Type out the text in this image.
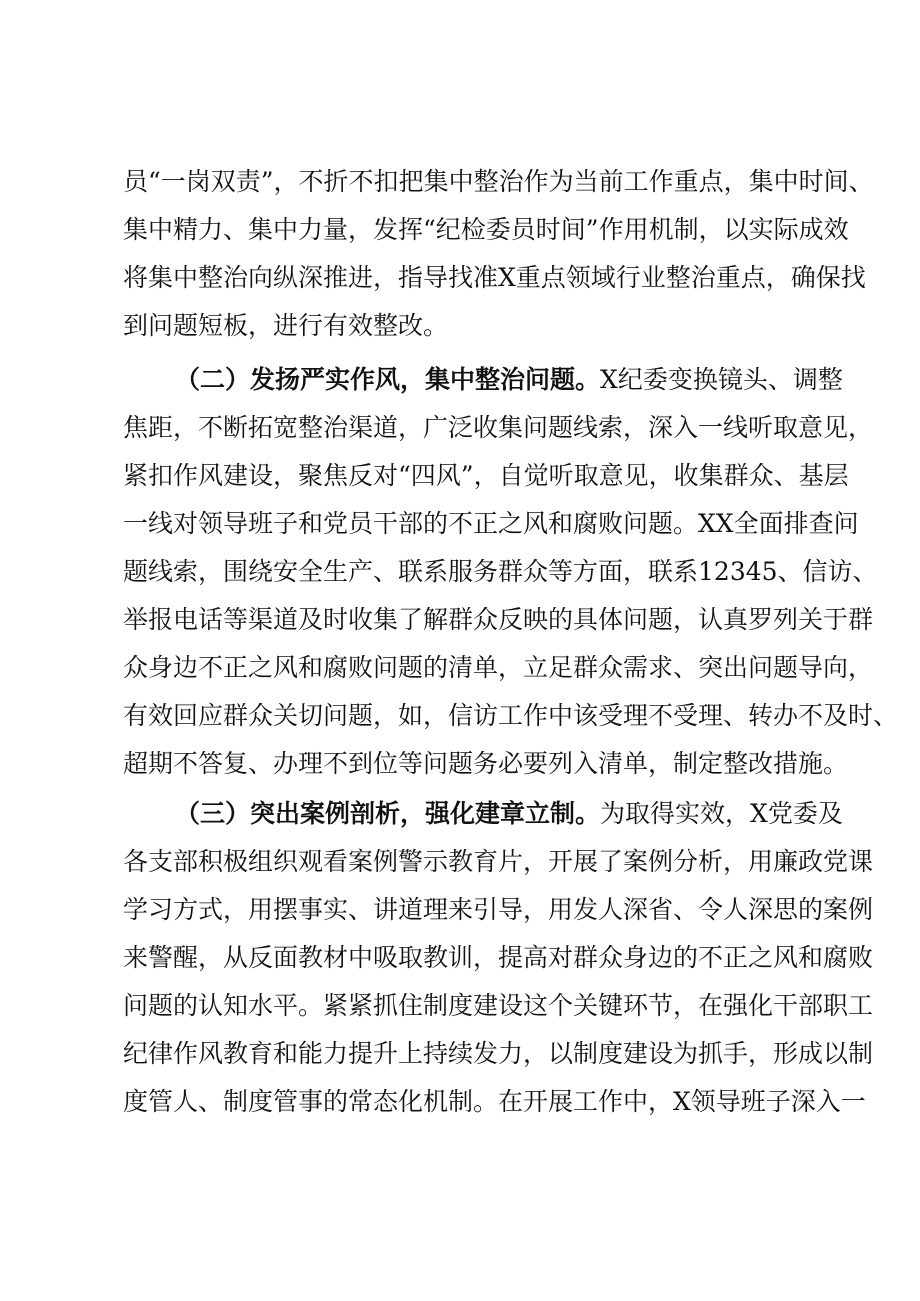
员“一岗双责”，不折不扣把集中整治作为当前工作重点，集中时间、
集中精力、集中力量，发挥“纪检委员时间”作用机制，以实际成效
将集中整治向纵深推进，指导找准X重点领域行业整治重点，确保找
到问题短板，进行有效整改。
（二）发扬严实作风，集中整治问题。X纪委变换镜头、调整
焦距，不断拓宽整治渠道，广泛收集问题线索，深入一线听取意见，
紧扣作风建设，聚焦反对“四风”，自觉听取意见，收集群众、基层
一线对领导班子和党员干部的不正之风和腐败问题。XX全面排查问
题线索，围绕安全生产、联系服务群众等方面，联系12345、信访、
举报电话等渠道及时收集了解群众反映的具体问题，认真罗列关于群
众身边不正之风和腐败问题的清单，立足群众需求、突出问题导向，
有效回应群众关切问题，如，信访工作中该受理不受理、转办不及时、
超期不答复、办理不到位等问题务必要列入清单，制定整改措施。
（三）突出案例剖析，强化建章立制。为取得实效，X党委及
各支部积极组织观看案例警示教育片，开展了案例分析，用廉政党课
学习方式，用摆事实、讲道理来引导，用发人深省、令人深思的案例
来警醒，从反面教材中吸取教训，提高对群众身边的不正之风和腐败
问题的认知水平。紧紧抓住制度建设这个关键环节，在强化干部职工
纪律作风教育和能力提升上持续发力，以制度建设为抓手，形成以制
度管人、制度管事的常态化机制。在开展工作中，X领导班子深入一
